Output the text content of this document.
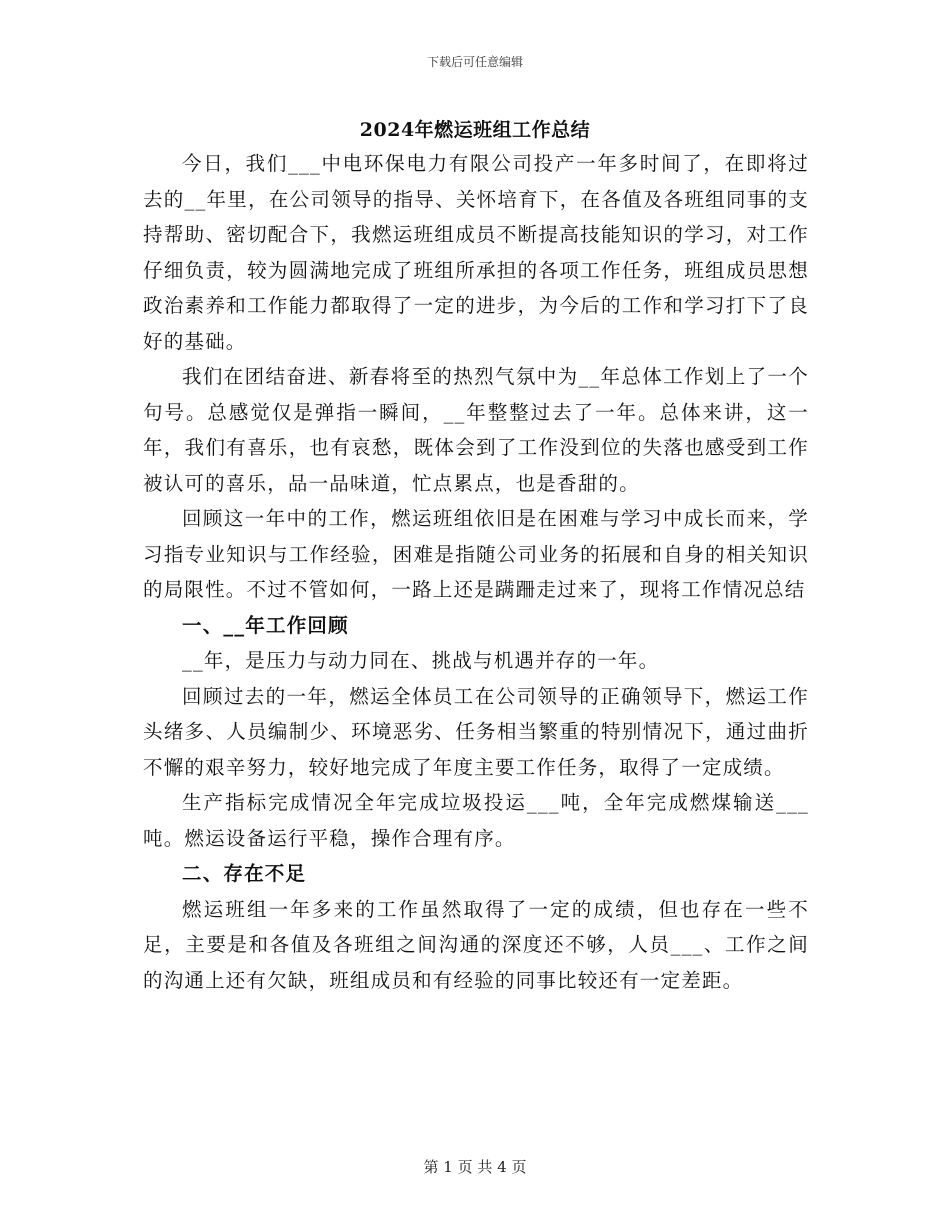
下载后可任意编辑
2024年燃运班组工作总结

今日，我们___中电环保电力有限公司投产一年多时间了，在即将过去的__年里，在公司领导的指导、关怀培育下，在各值及各班组同事的支持帮助、密切配合下，我燃运班组成员不断提高技能知识的学习，对工作仔细负责，较为圆满地完成了班组所承担的各项工作任务，班组成员思想政治素养和工作能力都取得了一定的进步，为今后的工作和学习打下了良好的基础。

我们在团结奋进、新春将至的热烈气氛中为__年总体工作划上了一个句号。总感觉仅是弹指一瞬间，__年整整过去了一年。总体来讲，这一年，我们有喜乐，也有哀愁，既体会到了工作没到位的失落也感受到工作被认可的喜乐，品一品味道，忙点累点，也是香甜的。

回顾这一年中的工作，燃运班组依旧是在困难与学习中成长而来，学习指专业知识与工作经验，困难是指随公司业务的拓展和自身的相关知识的局限性。不过不管如何，一路上还是蹒跚走过来了，现将工作情况总结

一、__年工作回顾

__年，是压力与动力同在、挑战与机遇并存的一年。

回顾过去的一年，燃运全体员工在公司领导的正确领导下，燃运工作头绪多、人员编制少、环境恶劣、任务相当繁重的特别情况下，通过曲折不懈的艰辛努力，较好地完成了年度主要工作任务，取得了一定成绩。

生产指标完成情况全年完成垃圾投运___吨，全年完成燃煤输送___吨。燃运设备运行平稳，操作合理有序。

二、存在不足

燃运班组一年多来的工作虽然取得了一定的成绩，但也存在一些不足，主要是和各值及各班组之间沟通的深度还不够，人员___、工作之间的沟通上还有欠缺，班组成员和有经验的同事比较还有一定差距。

第 1 页 共 4 页
